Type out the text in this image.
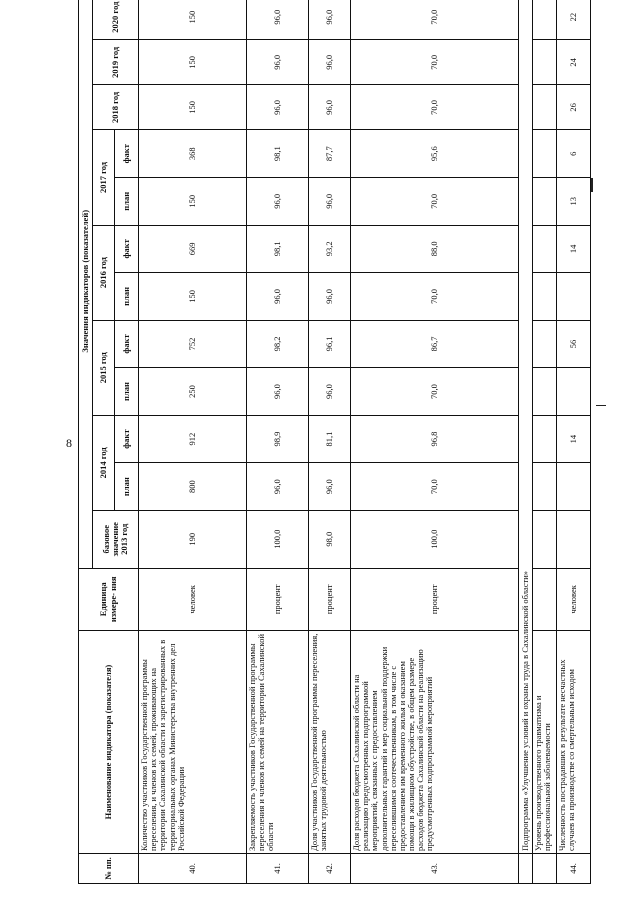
8
№ пп.	Наименование индикатора (показателя)	Единица измере- ния	Значения индикаторов (показателей)											
			базовое значение 2013 год	2014 год		2015 год		2016 год		2017 год		2018 год	2019 год	2020 год
				план	факт	план	факт	план	факт	план	факт			
40.	Количество участников Государственной программы переселения, и членов их семей, проживающих на территории Сахалинской области и зарегистрированных в территориальных органах Министерства внутренних дел Российской Федерации	человек	190	800	912	250	752	150	669	150	368	150	150	150
41.	Закрепляемость участников Государственной программы переселения и членов их семей на территории Сахалинской области	процент	100,0	96,0	98,9	96,0	98,2	96,0	98,1	96,0	98,1	96,0	96,0	96,0
42.	Доля участников Государственной программы переселения, занятых трудовой деятельностью	процент	98,0	96,0	81,1	96,0	96,1	96,0	93,2	96,0	87,7	96,0	96,0	96,0
43.	Доля расходов бюджета Сахалинской области на реализацию предусмотренных подпрограммой мероприятий, связанных с предоставлением дополнительных гарантий и мер социальной поддержки переселившимся соотечественникам, в том числе с предоставлением им временного жилья и оказанием помощи в жилищном обустройстве, в общем размере расходов бюджета Сахалинской области на реализацию предусмотренных подпрограммой мероприятий	процент	100,0	70,0	96,8	70,0	86,7	70,0	88,0	70,0	95,6	70,0	70,0	70,0
	Подпрограмма «Улучшение условий и охраны труда в Сахалинской области»													
	Уровень производственного травматизма и профессиональной заболеваемости													
44.	Численность пострадавших в результате несчастных случаев на производстве со смертельным исходом	человек			14		56		14	13	6	26	24	22
